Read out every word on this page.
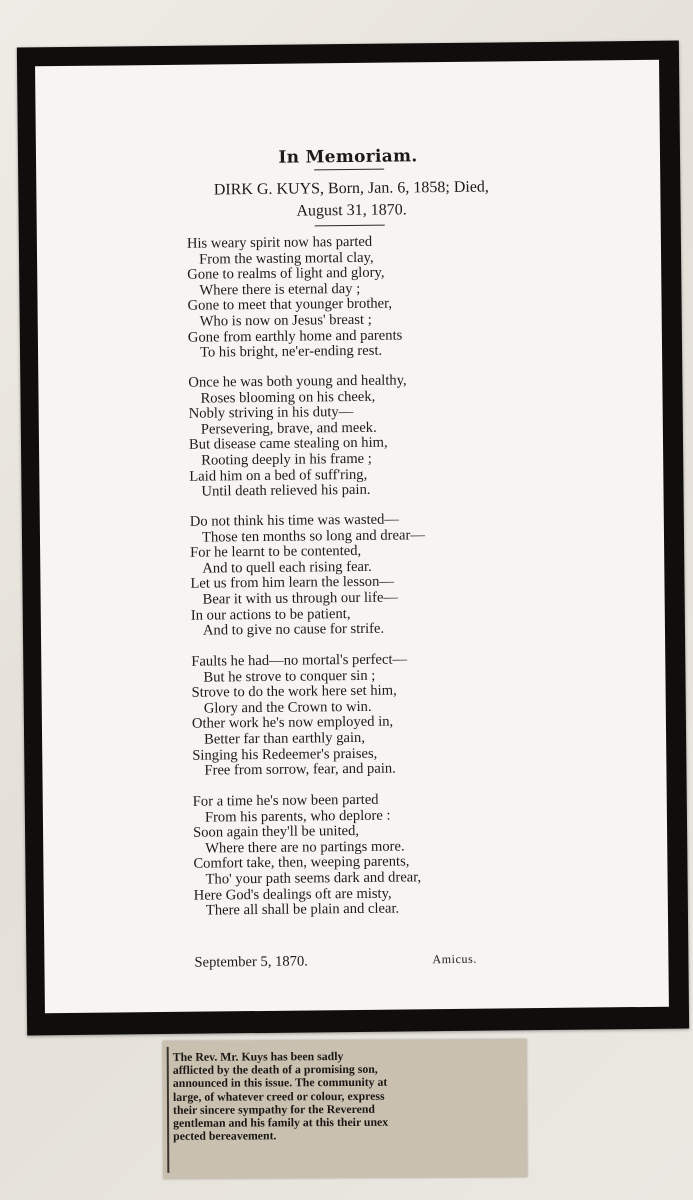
In Memoriam.
DIRK G. KUYS, Born, Jan. 6, 1858; Died,
August 31, 1870.
His weary spirit now has parted
From the wasting mortal clay,
Gone to realms of light and glory,
Where there is eternal day ;
Gone to meet that younger brother,
Who is now on Jesus' breast ;
Gone from earthly home and parents
To his bright, ne'er-ending rest.
Once he was both young and healthy,
Roses blooming on his cheek,
Nobly striving in his duty—
Persevering, brave, and meek.
But disease came stealing on him,
Rooting deeply in his frame ;
Laid him on a bed of suff'ring,
Until death relieved his pain.
Do not think his time was wasted—
Those ten months so long and drear—
For he learnt to be contented,
And to quell each rising fear.
Let us from him learn the lesson—
Bear it with us through our life—
In our actions to be patient,
And to give no cause for strife.
Faults he had—no mortal's perfect—
But he strove to conquer sin ;
Strove to do the work here set him,
Glory and the Crown to win.
Other work he's now employed in,
Better far than earthly gain,
Singing his Redeemer's praises,
Free from sorrow, fear, and pain.
For a time he's now been parted
From his parents, who deplore :
Soon again they'll be united,
Where there are no partings more.
Comfort take, then, weeping parents,
Tho' your path seems dark and drear,
Here God's dealings oft are misty,
There all shall be plain and clear.
September 5, 1870.	Amicus.
The Rev. Mr. Kuys has been sadly
afflicted by the death of a promising son,
announced in this issue. The community at
large, of whatever creed or colour, express
their sincere sympathy for the Reverend
gentleman and his family at this their unex
pected bereavement.
